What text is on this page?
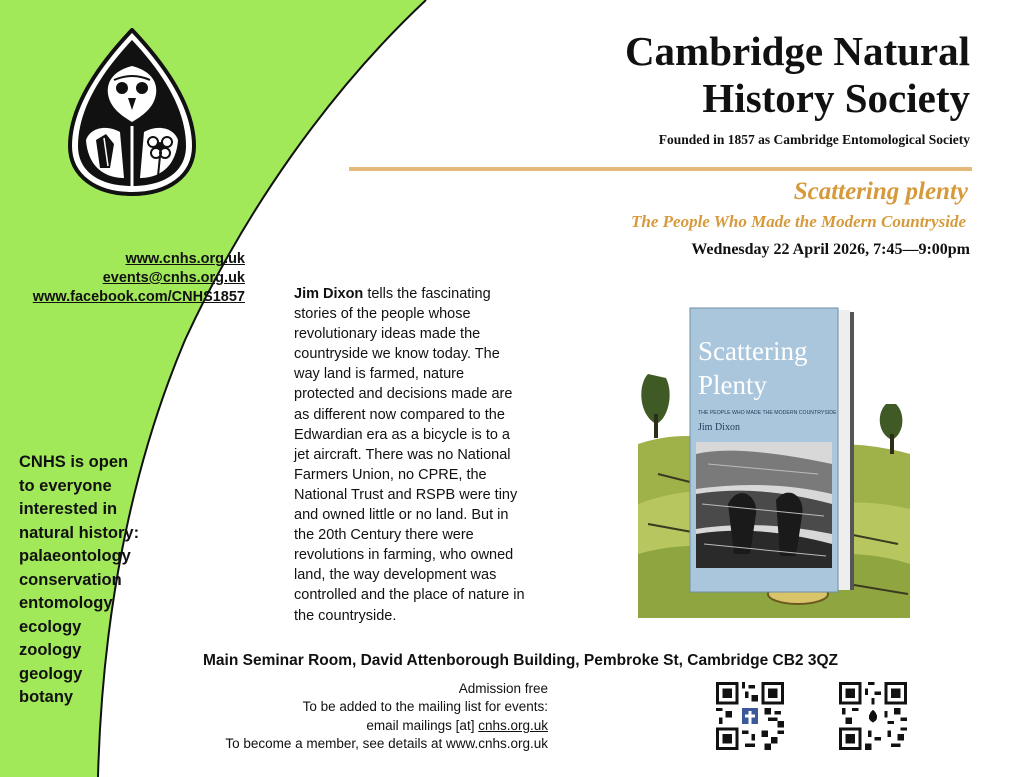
www.cnhs.org.uk
events@cnhs.org.uk
www.facebook.com/CNHS1857
CNHS is open
to everyone
interested in
natural history:
palaeontology
conservation
entomology
ecology
zoology
geology
botany
Cambridge Natural
History Society
Founded in 1857 as Cambridge Entomological Society
Scattering plenty
The People Who Made the Modern Countryside
Wednesday 22 April 2026, 7:45—9:00pm
Jim Dixon tells the fascinating
stories of the people whose
revolutionary ideas made the
countryside we know today. The
way land is farmed, nature
protected and decisions made are
as different now compared to the
Edwardian era as a bicycle is to a
jet aircraft. There was no National
Farmers Union, no CPRE, the
National Trust and RSPB were tiny
and owned little or no land. But in
the 20th Century there were
revolutions in farming, who owned
land, the way development was
controlled and the place of nature in
the countryside.
Scattering
Plenty
THE PEOPLE WHO MADE THE MODERN COUNTRYSIDE
Jim Dixon
Main Seminar Room, David Attenborough Building, Pembroke St, Cambridge CB2 3QZ
Admission free
To be added to the mailing list for events:
email mailings [at] cnhs.org.uk
To become a member, see details at www.cnhs.org.uk
